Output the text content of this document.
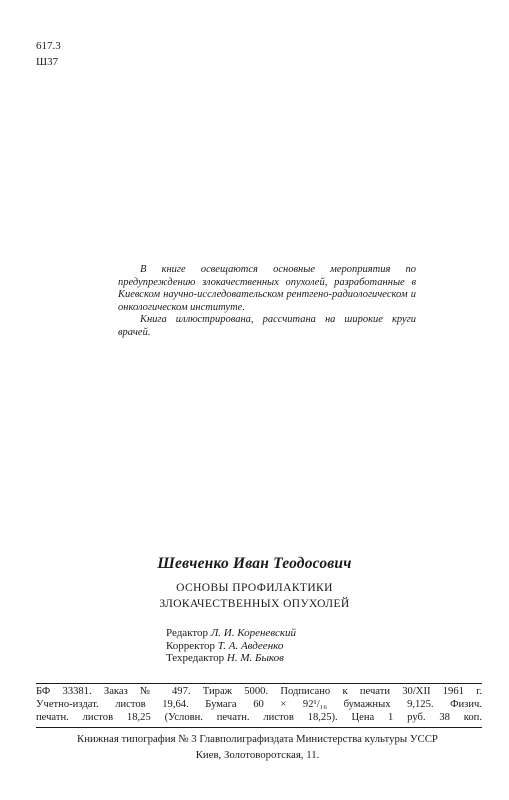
617.3
Ш37

В книге освещаются основные мероприятия по предупреждению злокачественных опухолей, разработанные в Киевском научно-исследовательском рентгено-радиологическом и онкологическом институте.

Книга иллюстрирована, рассчитана на широкие круги врачей.

Шевченко Иван Теодосович
ОСНОВЫ ПРОФИЛАКТИКИ
ЗЛОКАЧЕСТВЕННЫХ ОПУХОЛЕЙ
Редактор Л. И. Кореневский
Корректор Т. А. Авдеенко
Техредактор Н. М. Быков
БФ 33381. Заказ № 497. Тираж 5000. Подписано к печати 30/XII 1961 г.
Учетно-издат. листов 19,64. Бумага 60 × 92¹/₁₆ бумажных 9,125. Физич.
печатн. листов 18,25 (Условн. печатн. листов 18,25). Цена 1 руб. 38 коп.
Книжная типография № 3 Главполиграфиздата Министерства культуры УССР
Киев, Золотоворотская, 11.
